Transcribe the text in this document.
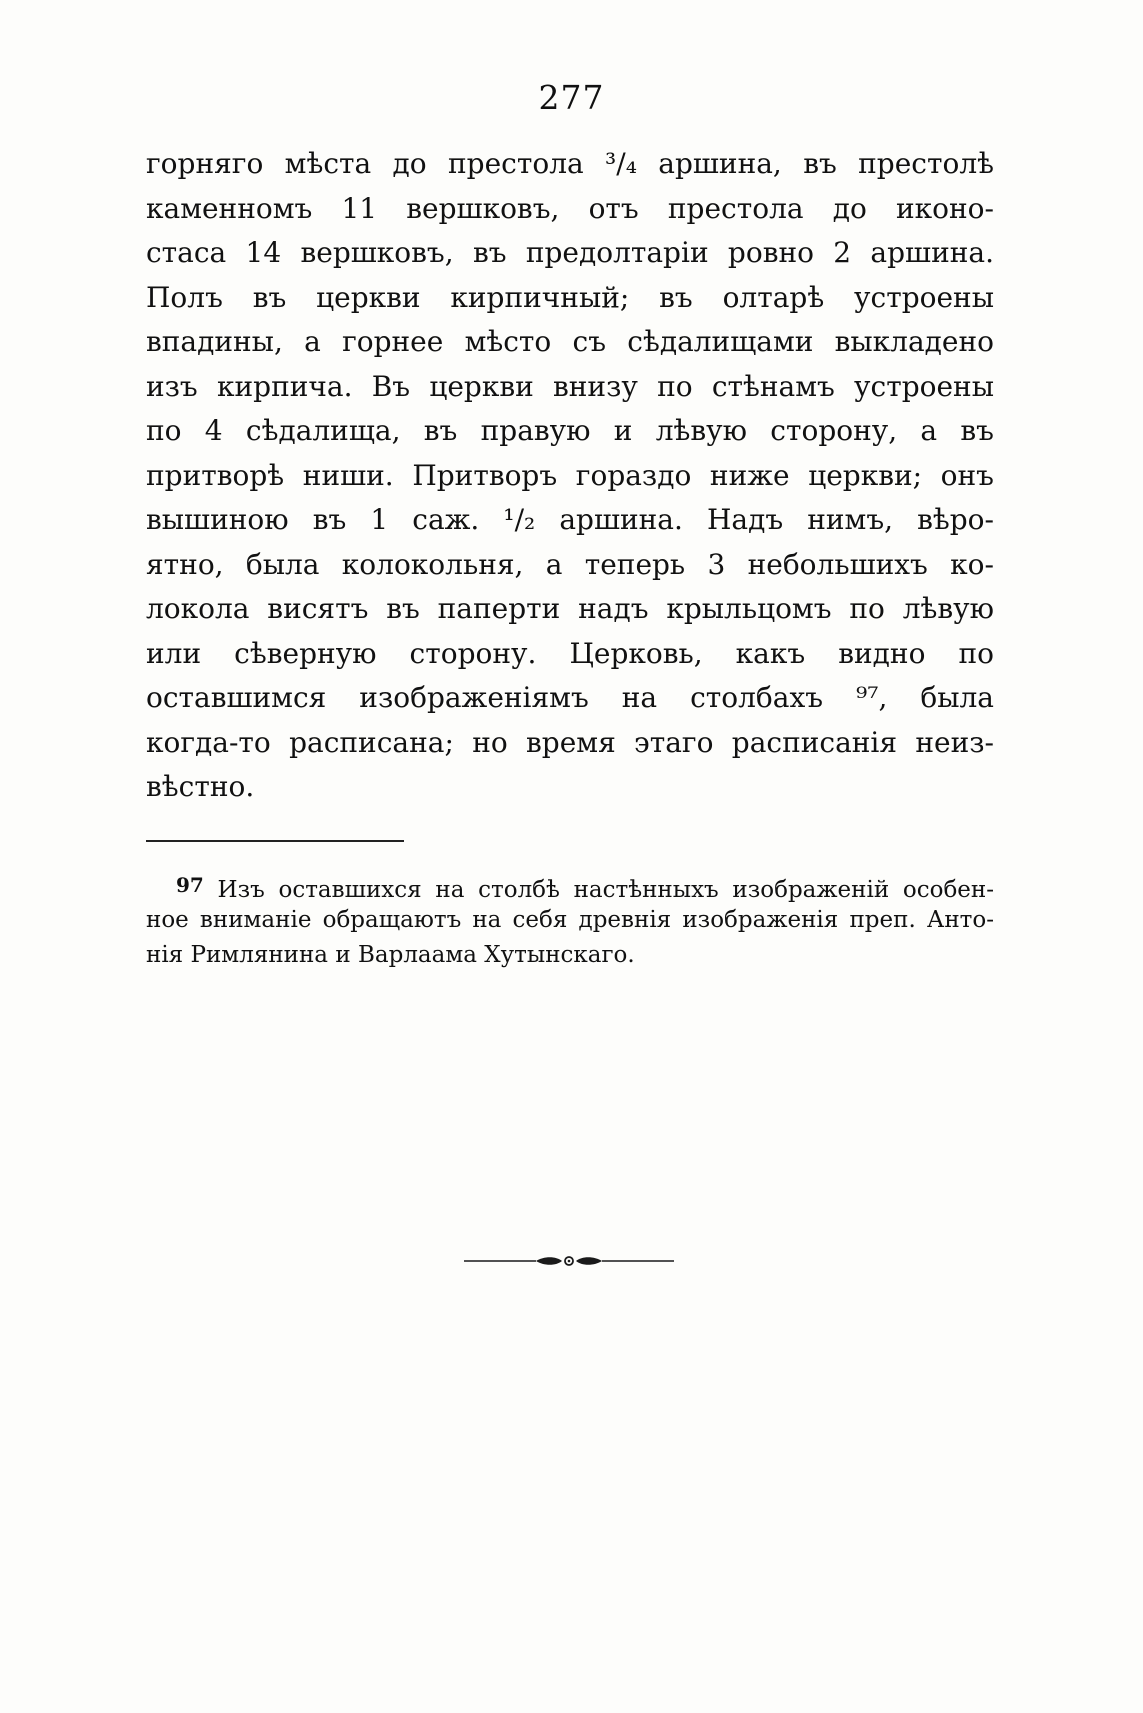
277
горняго мѣста до престола ³/₄ аршина, въ престолѣ
каменномъ 11 вершковъ, отъ престола до иконо-
стаса 14 вершковъ, въ предолтаріи ровно 2 аршина.
Полъ въ церкви кирпичный; въ олтарѣ устроены
впадины, а горнее мѣсто съ сѣдалищами выкладено
изъ кирпича. Въ церкви внизу по стѣнамъ устроены
по 4 сѣдалища, въ правую и лѣвую сторону, а въ
притворѣ ниши. Притворъ гораздо ниже церкви; онъ
вышиною въ 1 саж. ¹/₂ аршина. Надъ нимъ, вѣро-
ятно, была колокольня, а теперь 3 небольшихъ ко-
локола висятъ въ паперти надъ крыльцомъ по лѣвую
или сѣверную сторону. Церковь, какъ видно по
оставшимся изображеніямъ на столбахъ ⁹⁷, была
когда-то расписана; но время этаго расписанія неиз-
вѣстно.
97 Изъ оставшихся на столбѣ настѣнныхъ изображеній особен-
ное вниманіе обращаютъ на себя древнія изображенія преп. Анто-
нія Римлянина и Варлаама Хутынскаго.
